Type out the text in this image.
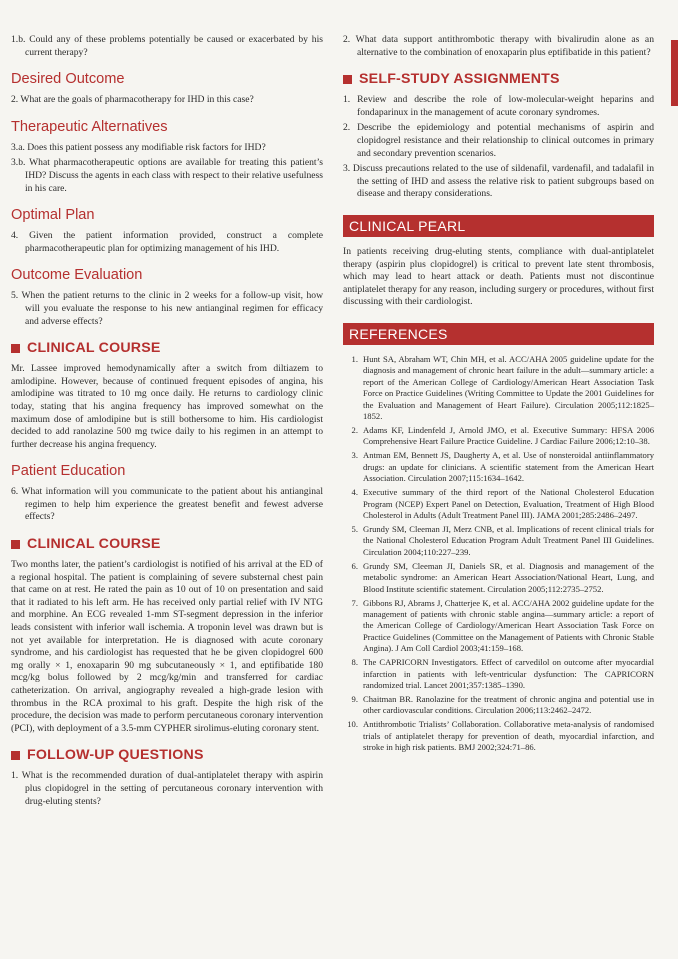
1.b. Could any of these problems potentially be caused or exacerbated by his current therapy?

Desired Outcome

2. What are the goals of pharmacotherapy for IHD in this case?

Therapeutic Alternatives

3.a. Does this patient possess any modifiable risk factors for IHD?

3.b. What pharmacotherapeutic options are available for treating this patient’s IHD? Discuss the agents in each class with respect to their relative usefulness in his care.

Optimal Plan

4. Given the patient information provided, construct a complete pharmacotherapeutic plan for optimizing management of his IHD.

Outcome Evaluation

5. When the patient returns to the clinic in 2 weeks for a follow-up visit, how will you evaluate the response to his new antianginal regimen for efficacy and adverse effects?

CLINICAL COURSE

Mr. Lassee improved hemodynamically after a switch from diltiazem to amlodipine. However, because of continued frequent episodes of angina, his amlodipine was titrated to 10 mg once daily. He returns to cardiology clinic today, stating that his angina frequency has improved somewhat on the maximum dose of amlodipine but is still bothersome to him. His cardiologist decided to add ranolazine 500 mg twice daily to his regimen in an attempt to further decrease his angina frequency.

Patient Education

6. What information will you communicate to the patient about his antianginal regimen to help him experience the greatest benefit and fewest adverse effects?

CLINICAL COURSE

Two months later, the patient’s cardiologist is notified of his arrival at the ED of a regional hospital. The patient is complaining of severe substernal chest pain that came on at rest. He rated the pain as 10 out of 10 on presentation and said that it radiated to his left arm. He has received only partial relief with IV NTG and morphine. An ECG revealed 1-mm ST-segment depression in the inferior leads consistent with inferior wall ischemia. A troponin level was drawn but is not yet available for interpretation. He is diagnosed with acute coronary syndrome, and his cardiologist has requested that he be given clopidogrel 600 mg orally × 1, enoxaparin 90 mg subcutaneously × 1, and eptifibatide 180 mcg/kg bolus followed by 2 mcg/kg/min and transferred for cardiac catheterization. On arrival, angiography revealed a high-grade lesion with thrombus in the RCA proximal to his graft. Despite the high risk of the procedure, the decision was made to perform percutaneous coronary intervention (PCI), with deployment of a 3.5-mm CYPHER sirolimus-eluting coronary stent.

FOLLOW-UP QUESTIONS

1. What is the recommended duration of dual-antiplatelet therapy with aspirin plus clopidogrel in the setting of percutaneous coronary intervention with drug-eluting stents?

2. What data support antithrombotic therapy with bivalirudin alone as an alternative to the combination of enoxaparin plus eptifibatide in this patient?

SELF-STUDY ASSIGNMENTS

1. Review and describe the role of low-molecular-weight heparins and fondaparinux in the management of acute coronary syndromes.

2. Describe the epidemiology and potential mechanisms of aspirin and clopidogrel resistance and their relationship to clinical outcomes in primary and secondary prevention scenarios.

3. Discuss precautions related to the use of sildenafil, vardenafil, and tadalafil in the setting of IHD and assess the relative risk to patient subgroups based on disease and therapy considerations.

CLINICAL PEARL

In patients receiving drug-eluting stents, compliance with dual-antiplatelet therapy (aspirin plus clopidogrel) is critical to prevent late stent thrombosis, which may lead to heart attack or death. Patients must not discontinue antiplatelet therapy for any reason, including surgery or procedures, without first discussing with their cardiologist.

REFERENCES
1. Hunt SA, Abraham WT, Chin MH, et al. ACC/AHA 2005 guideline update for the diagnosis and management of chronic heart failure in the adult—summary article: a report of the American College of Cardiology/American Heart Association Task Force on Practice Guidelines (Writing Committee to Update the 2001 Guidelines for the Evaluation and Management of Heart Failure). Circulation 2005;112:1825–1852.
2. Adams KF, Lindenfeld J, Arnold JMO, et al. Executive Summary: HFSA 2006 Comprehensive Heart Failure Practice Guideline. J Cardiac Failure 2006;12:10–38.
3. Antman EM, Bennett JS, Daugherty A, et al. Use of nonsteroidal antiinflammatory drugs: an update for clinicians. A scientific statement from the American Heart Association. Circulation 2007;115:1634–1642.
4. Executive summary of the third report of the National Cholesterol Education Program (NCEP) Expert Panel on Detection, Evaluation, Treatment of High Blood Cholesterol in Adults (Adult Treatment Panel III). JAMA 2001;285:2486–2497.
5. Grundy SM, Cleeman JI, Merz CNB, et al. Implications of recent clinical trials for the National Cholesterol Education Program Adult Treatment Panel III Guidelines. Circulation 2004;110:227–239.
6. Grundy SM, Cleeman JI, Daniels SR, et al. Diagnosis and management of the metabolic syndrome: an American Heart Association/National Heart, Lung, and Blood Institute scientific statement. Circulation 2005;112:2735–2752.
7. Gibbons RJ, Abrams J, Chatterjee K, et al. ACC/AHA 2002 guideline update for the management of patients with chronic stable angina—summary article: a report of the American College of Cardiology/American Heart Association Task Force on Practice Guidelines (Committee on the Management of Patients with Chronic Stable Angina). J Am Coll Cardiol 2003;41:159–168.
8. The CAPRICORN Investigators. Effect of carvedilol on outcome after myocardial infarction in patients with left-ventricular dysfunction: The CAPRICORN randomized trial. Lancet 2001;357:1385–1390.
9. Chaitman BR. Ranolazine for the treatment of chronic angina and potential use in other cardiovascular conditions. Circulation 2006;113:2462–2472.
10. Antithrombotic Trialists’ Collaboration. Collaborative meta-analysis of randomised trials of antiplatelet therapy for prevention of death, myocardial infarction, and stroke in high risk patients. BMJ 2002;324:71–86.
